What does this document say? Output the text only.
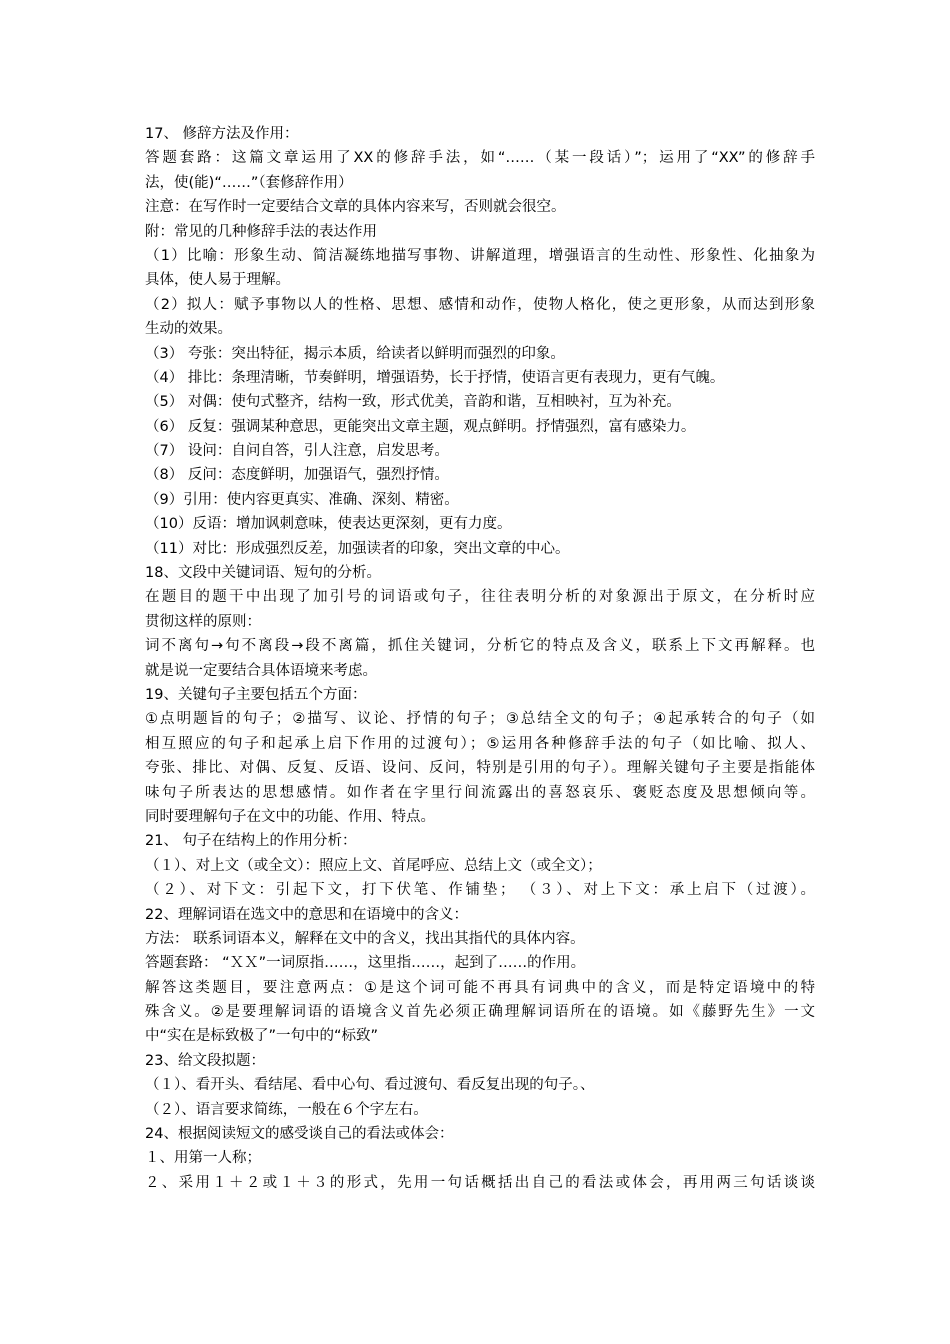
17、 修辞方法及作用：
答题套路：这篇文章运用了XX的修辞手法，如“……（某一段话）”；运用了“XX”的修辞手
法，使(能)“……”（套修辞作用）
注意：在写作时一定要结合文章的具体内容来写，否则就会很空。
附：常见的几种修辞手法的表达作用
（1）比喻：形象生动、简洁凝练地描写事物、讲解道理，增强语言的生动性、形象性、化抽象为
具体，使人易于理解。
（2）拟人：赋予事物以人的性格、思想、感情和动作，使物人格化，使之更形象，从而达到形象
生动的效果。
（3） 夸张：突出特征，揭示本质，给读者以鲜明而强烈的印象。
（4） 排比：条理清晰，节奏鲜明，增强语势，长于抒情，使语言更有表现力，更有气魄。
（5） 对偶：使句式整齐，结构一致，形式优美，音韵和谐，互相映衬，互为补充。
（6） 反复：强调某种意思，更能突出文章主题，观点鲜明。抒情强烈，富有感染力。
（7） 设问：自问自答，引人注意，启发思考。
（8） 反问：态度鲜明，加强语气，强烈抒情。
（9）引用：使内容更真实、准确、深刻、精密。
（10）反语：增加讽刺意味，使表达更深刻，更有力度。
（11）对比：形成强烈反差，加强读者的印象，突出文章的中心。
18、文段中关键词语、短句的分析。
在题目的题干中出现了加引号的词语或句子，往往表明分析的对象源出于原文，在分析时应
贯彻这样的原则：
词不离句→句不离段→段不离篇，抓住关键词，分析它的特点及含义，联系上下文再解释。也
就是说一定要结合具体语境来考虑。
19、关键句子主要包括五个方面：
①点明题旨的句子；②描写、议论、抒情的句子；③总结全文的句子；④起承转合的句子（如
相互照应的句子和起承上启下作用的过渡句）；⑤运用各种修辞手法的句子（如比喻、拟人、
夸张、排比、对偶、反复、反语、设问、反问，特别是引用的句子）。理解关键句子主要是指能体
味句子所表达的思想感情。如作者在字里行间流露出的喜怒哀乐、褒贬态度及思想倾向等。
同时要理解句子在文中的功能、作用、特点。
21、 句子在结构上的作用分析：
（１）、对上文（或全文）：照应上文、首尾呼应、总结上文（或全文）；
（２）、对下文：引起下文，打下伏笔、作铺垫； （３）、对上下文：承上启下（过渡）。
22、理解词语在选文中的意思和在语境中的含义：
方法： 联系词语本义，解释在文中的含义，找出其指代的具体内容。
答题套路： “ＸＸ”一词原指……，这里指……，起到了……的作用。
解答这类题目，要注意两点：①是这个词可能不再具有词典中的含义，而是特定语境中的特
殊含义。②是要理解词语的语境含义首先必须正确理解词语所在的语境。如《藤野先生》一文
中“实在是标致极了”一句中的“标致”
23、给文段拟题：
（１）、看开头、看结尾、看中心句、看过渡句、看反复出现的句子。、
（２）、语言要求简练，一般在６个字左右。
24、根据阅读短文的感受谈自己的看法或体会：
１、用第一人称；
２、采用１＋２或１＋３的形式，先用一句话概括出自己的看法或体会，再用两三句话谈谈
